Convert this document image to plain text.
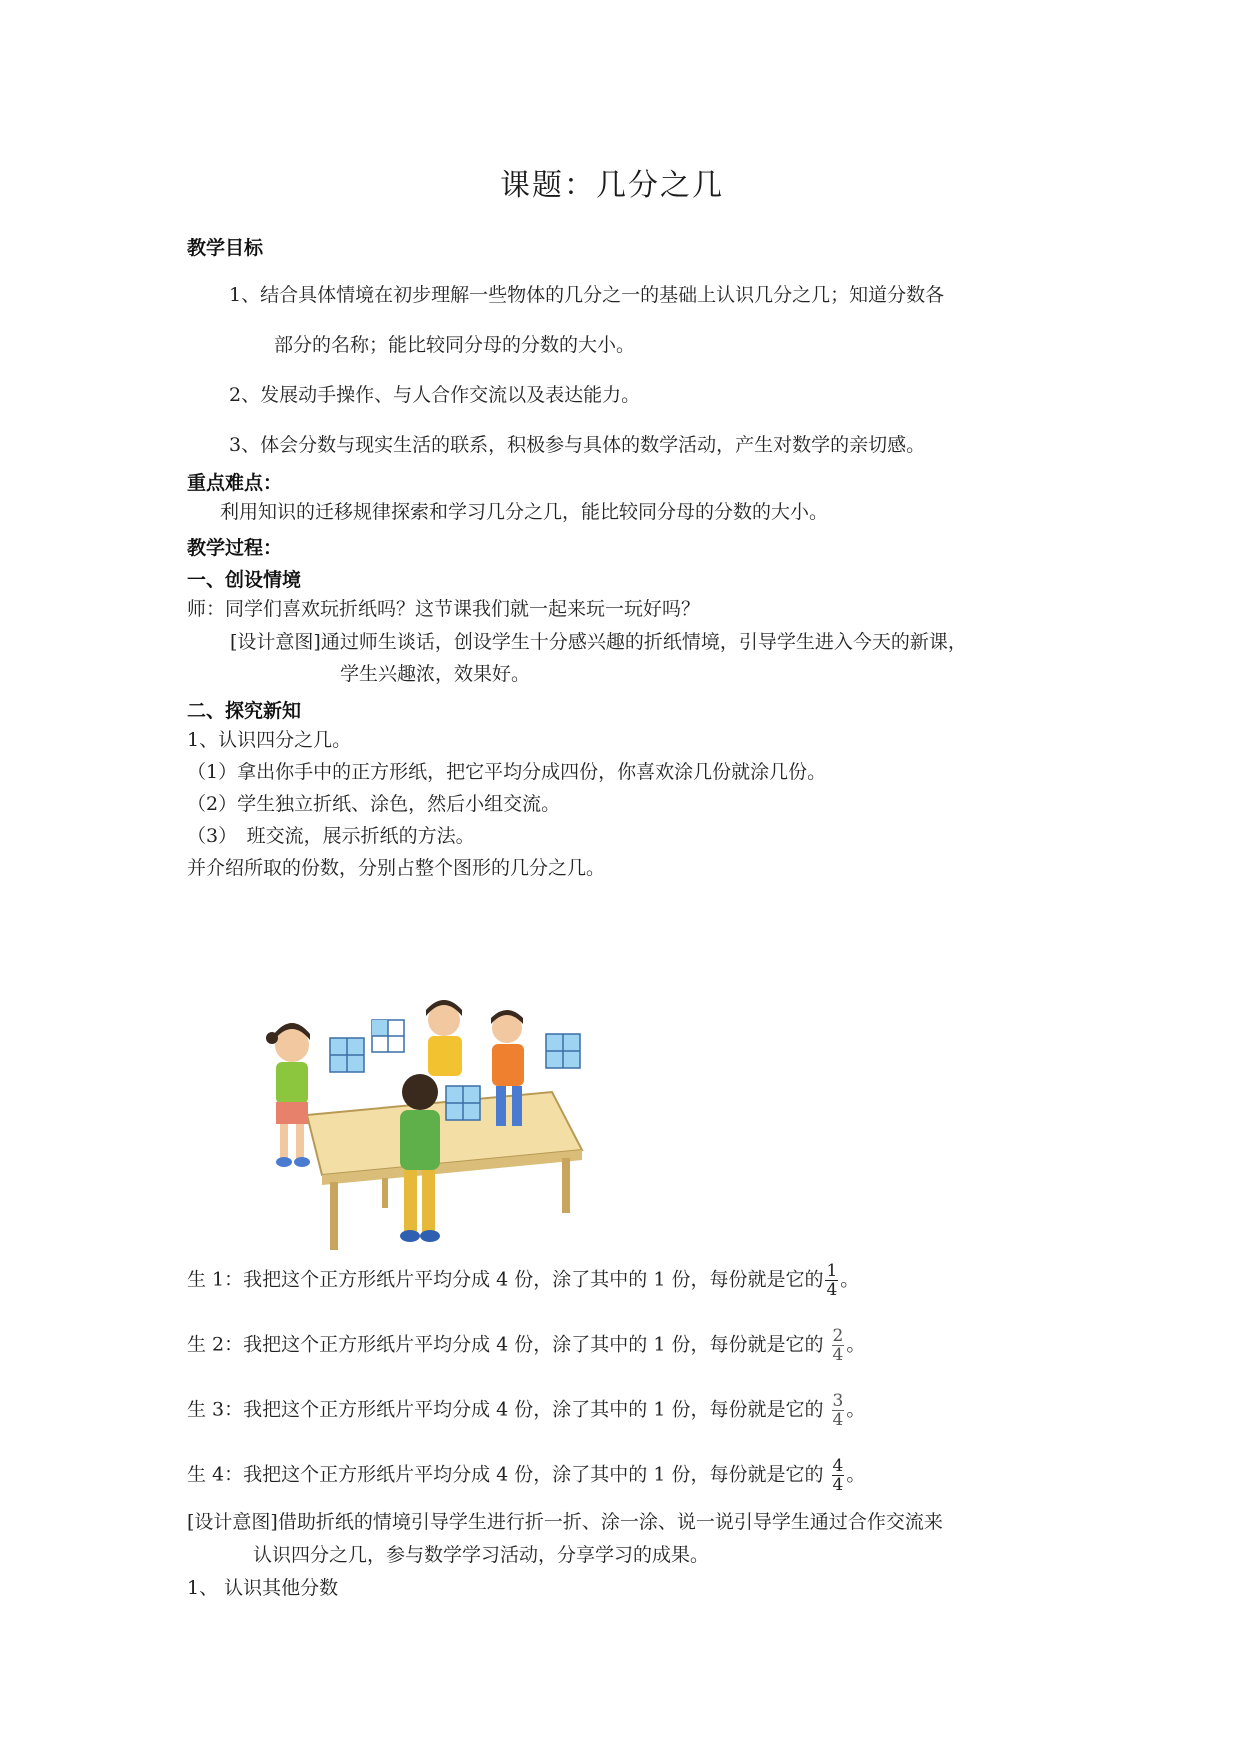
课题：几分之几
教学目标
1、结合具体情境在初步理解一些物体的几分之一的基础上认识几分之几；知道分数各
部分的名称；能比较同分母的分数的大小。
2、发展动手操作、与人合作交流以及表达能力。
3、体会分数与现实生活的联系，积极参与具体的数学活动，产生对数学的亲切感。
重点难点：
利用知识的迁移规律探索和学习几分之几，能比较同分母的分数的大小。
教学过程：
一、创设情境
师：同学们喜欢玩折纸吗？这节课我们就一起来玩一玩好吗？
[设计意图]通过师生谈话，创设学生十分感兴趣的折纸情境，引导学生进入今天的新课，
学生兴趣浓，效果好。
二、探究新知
1、认识四分之几。
（1）拿出你手中的正方形纸，把它平均分成四份，你喜欢涂几份就涂几份。
（2）学生独立折纸、涂色，然后小组交流。
（3）　班交流，展示折纸的方法。
并介绍所取的份数，分别占整个图形的几分之几。
生 1：我把这个正方形纸片平均分成 4 份，涂了其中的 1 份，每份就是它的 $\frac{1}{4}$ 。
生 2：我把这个正方形纸片平均分成 4 份，涂了其中的 1 份，每份就是它的 $\frac{2}{4}$ 。
生 3：我把这个正方形纸片平均分成 4 份，涂了其中的 1 份，每份就是它的 $\frac{3}{4}$ 。
生 4：我把这个正方形纸片平均分成 4 份，涂了其中的 1 份，每份就是它的 $\frac{4}{4}$ 。
[设计意图]借助折纸的情境引导学生进行折一折、涂一涂、说一说引导学生通过合作交流来
认识四分之几，参与数学学习活动，分享学习的成果。
1、 认识其他分数
